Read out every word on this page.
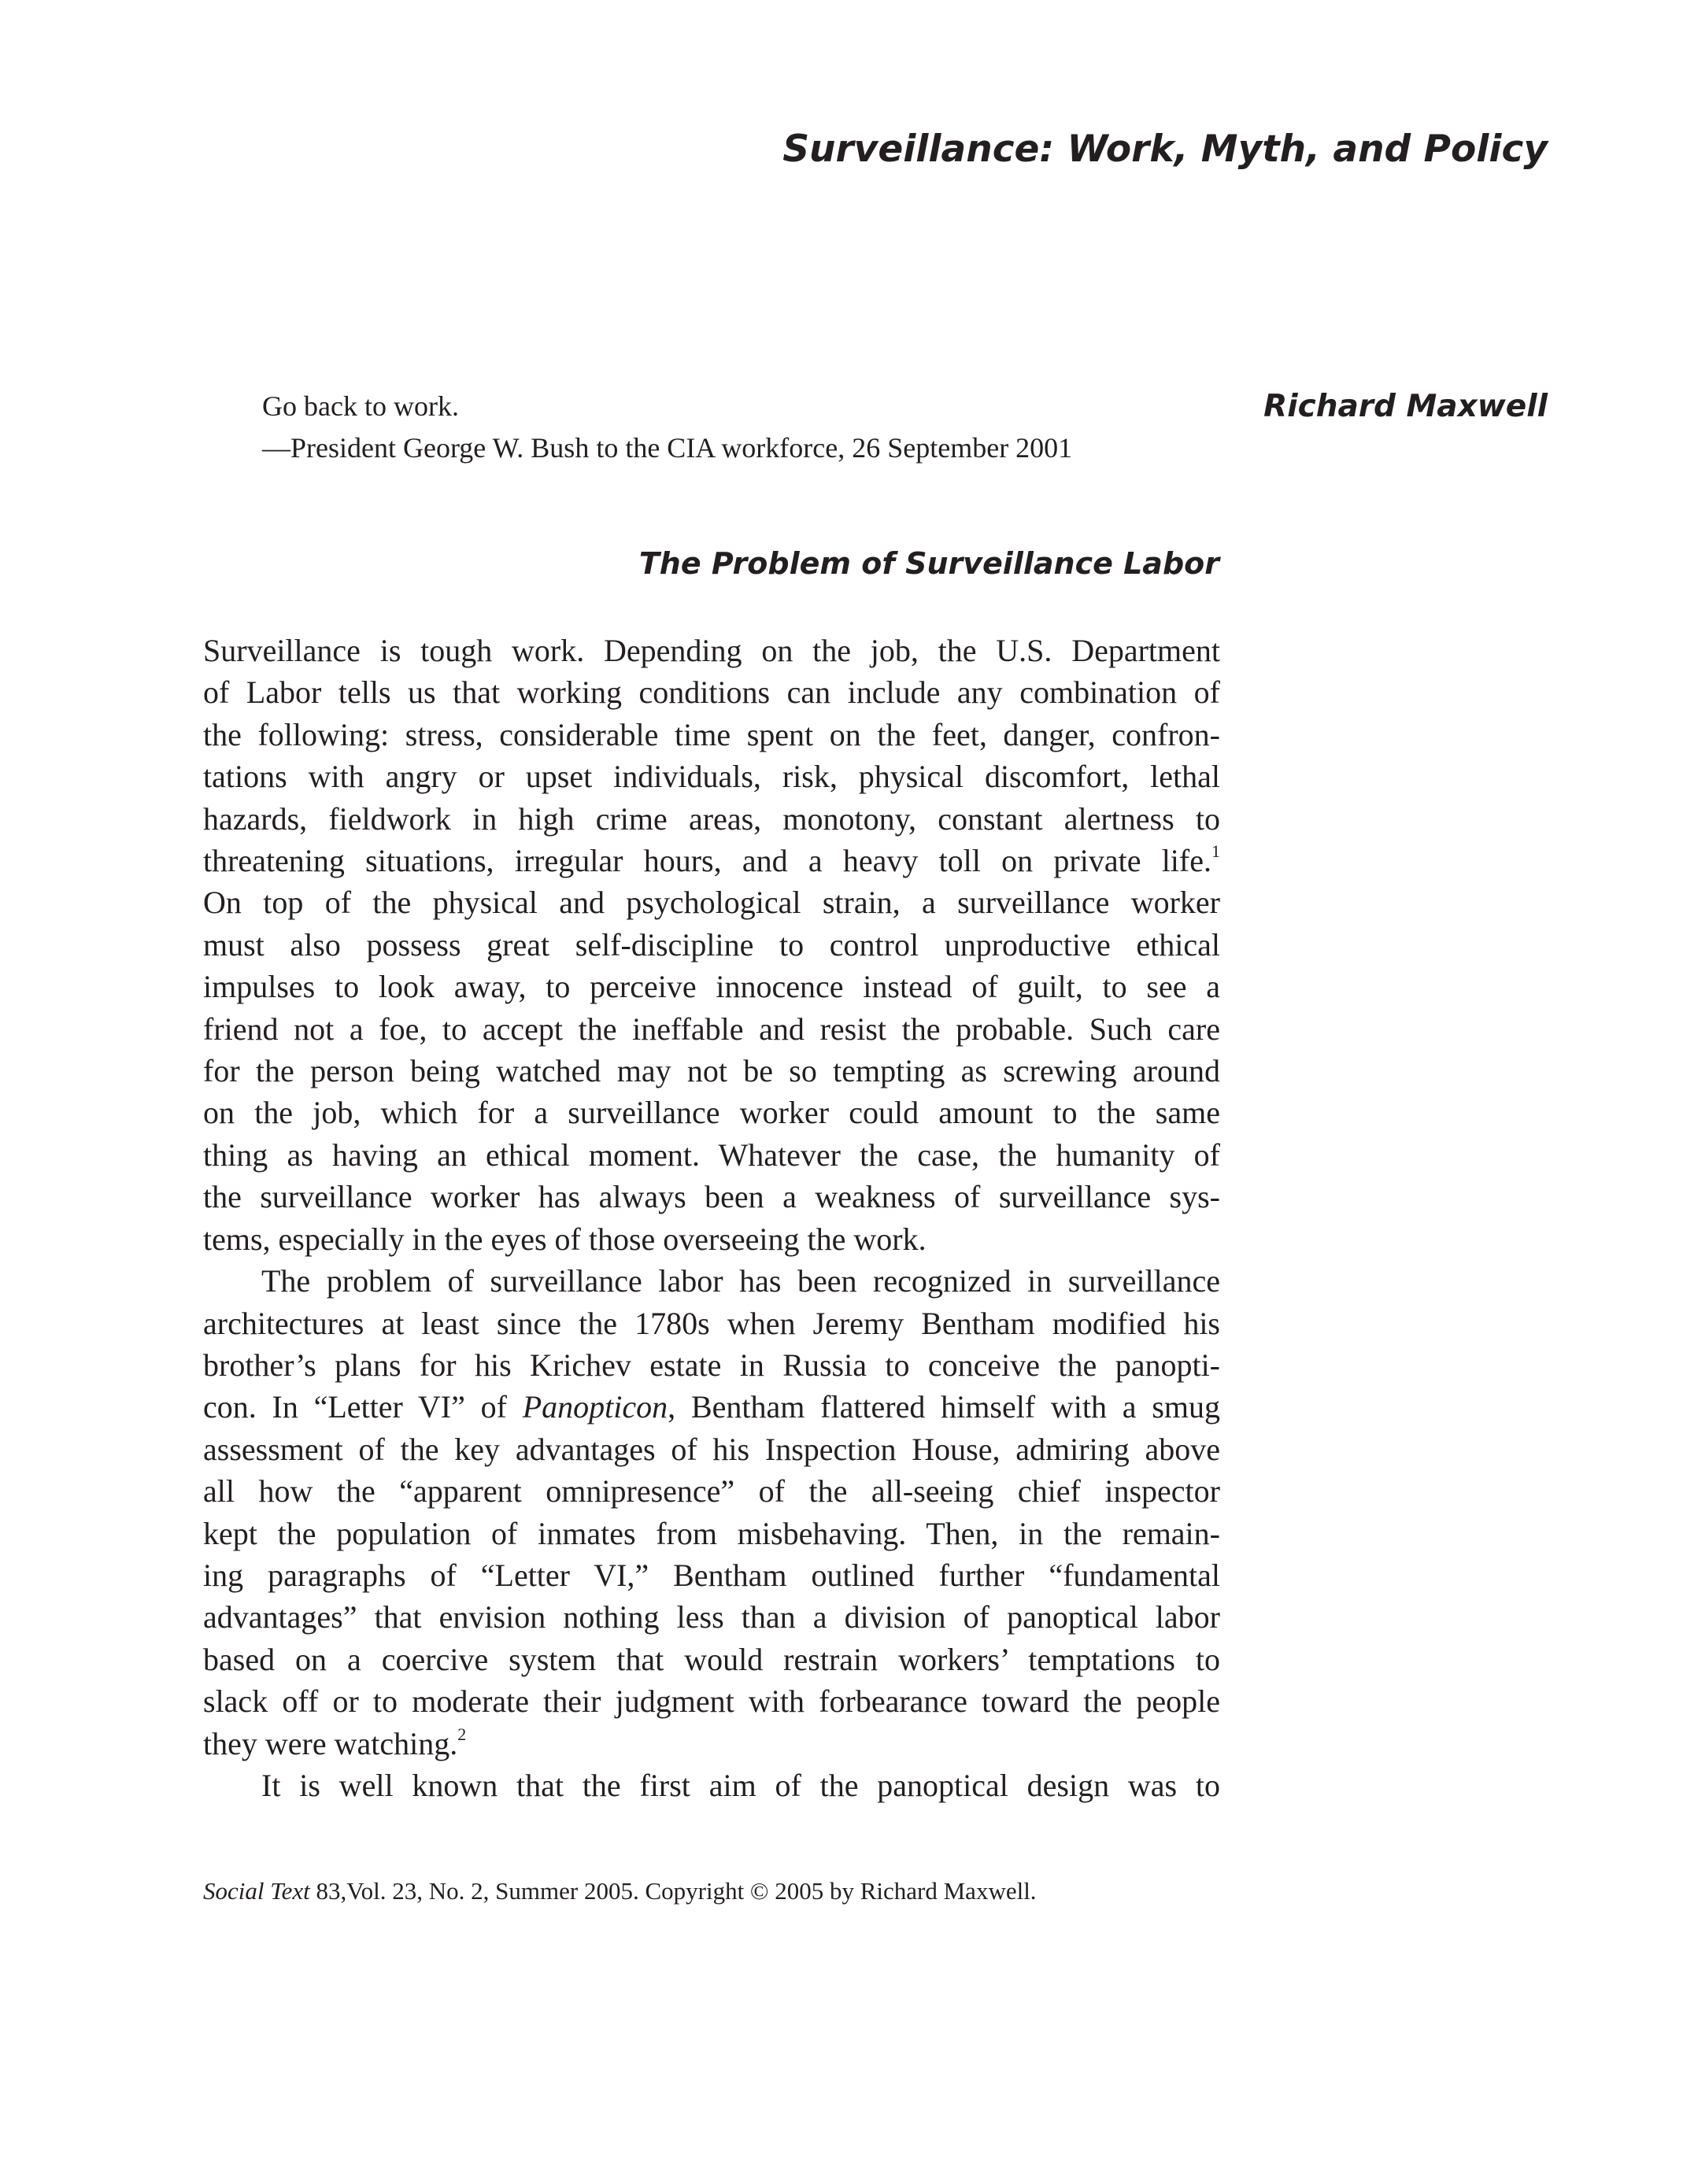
Surveillance: Work, Myth, and Policy
Richard Maxwell
Go back to work.
—President George W. Bush to the CIA workforce, 26 September 2001
The Problem of Surveillance Labor
Surveillance is tough work. Depending on the job, the U.S. Department
of Labor tells us that working conditions can include any combination of
the following: stress, considerable time spent on the feet, danger, confron-
tations with angry or upset individuals, risk, physical discomfort, lethal
hazards, fieldwork in high crime areas, monotony, constant alertness to
threatening situations, irregular hours, and a heavy toll on private life.$^1$
On top of the physical and psychological strain, a surveillance worker
must also possess great self-discipline to control unproductive ethical
impulses to look away, to perceive innocence instead of guilt, to see a
friend not a foe, to accept the ineffable and resist the probable. Such care
for the person being watched may not be so tempting as screwing around
on the job, which for a surveillance worker could amount to the same
thing as having an ethical moment. Whatever the case, the humanity of
the surveillance worker has always been a weakness of surveillance sys-
tems, especially in the eyes of those overseeing the work.
The problem of surveillance labor has been recognized in surveillance
architectures at least since the 1780s when Jeremy Bentham modified his
brother’s plans for his Krichev estate in Russia to conceive the panopti-
con. In “Letter VI” of Panopticon, Bentham flattered himself with a smug
assessment of the key advantages of his Inspection House, admiring above
all how the “apparent omnipresence” of the all-seeing chief inspector
kept the population of inmates from misbehaving. Then, in the remain-
ing paragraphs of “Letter VI,” Bentham outlined further “fundamental
advantages” that envision nothing less than a division of panoptical labor
based on a coercive system that would restrain workers’ temptations to
slack off or to moderate their judgment with forbearance toward the people
they were watching.$^2$
It is well known that the first aim of the panoptical design was to
Social Text 83,Vol. 23, No. 2, Summer 2005. Copyright © 2005 by Richard Maxwell.
